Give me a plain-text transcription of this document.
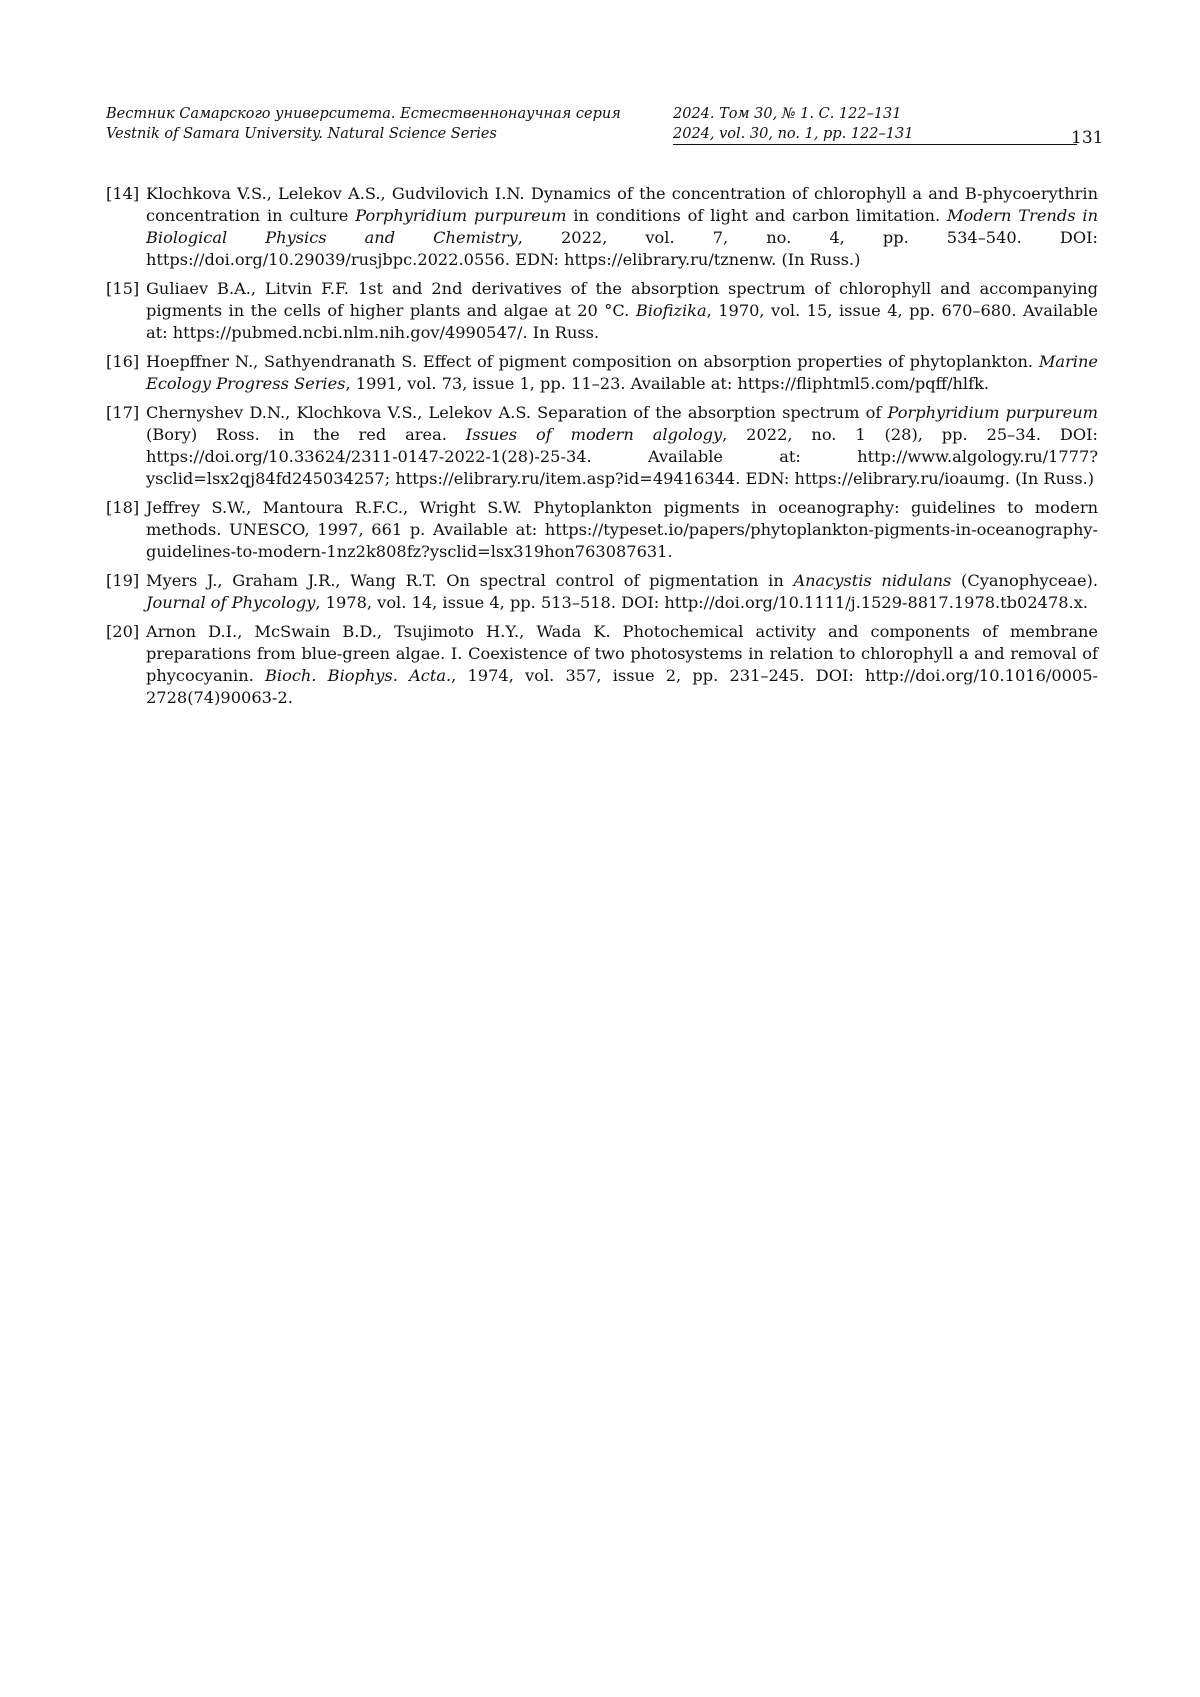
Вестник Самарского университета. Естественнонаучная серия	2024. Том 30, № 1. С. 122–131
Vestnik of Samara University. Natural Science Series	2024, vol. 30, no. 1, pp. 122–131	131
[14] Klochkova V.S., Lelekov A.S., Gudvilovich I.N. Dynamics of the concentration of chlorophyll a and B-phycoerythrin concentration in culture Porphyridium purpureum in conditions of light and carbon limitation. Modern Trends in Biological Physics and Chemistry, 2022, vol. 7, no. 4, pp. 534–540. DOI: https://doi.org/10.29039/rusjbpc.2022.0556. EDN: https://elibrary.ru/tznenw. (In Russ.)
[15] Guliaev B.A., Litvin F.F. 1st and 2nd derivatives of the absorption spectrum of chlorophyll and accompanying pigments in the cells of higher plants and algae at 20 °C. Biofizika, 1970, vol. 15, issue 4, pp. 670–680. Available at: https://pubmed.ncbi.nlm.nih.gov/4990547/. In Russ.
[16] Hoepffner N., Sathyendranath S. Effect of pigment composition on absorption properties of phytoplankton. Marine Ecology Progress Series, 1991, vol. 73, issue 1, pp. 11–23. Available at: https://fliphtml5.com/pqff/hlfk.
[17] Chernyshev D.N., Klochkova V.S., Lelekov A.S. Separation of the absorption spectrum of Porphyridium purpureum (Bory) Ross. in the red area. Issues of modern algology, 2022, no. 1 (28), pp. 25–34. DOI: https://doi.org/10.33624/2311-0147-2022-1(28)-25-34. Available at: http://www.algology.ru/1777?ysclid=lsx2qj84fd245034257; https://elibrary.ru/item.asp?id=49416344. EDN: https://elibrary.ru/ioaumg. (In Russ.)
[18] Jeffrey S.W., Mantoura R.F.C., Wright S.W. Phytoplankton pigments in oceanography: guidelines to modern methods. UNESCO, 1997, 661 p. Available at: https://typeset.io/papers/phytoplankton-pigments-in-oceanography-guidelines-to-modern-1nz2k808fz?ysclid=lsx319hon763087631.
[19] Myers J., Graham J.R., Wang R.T. On spectral control of pigmentation in Anacystis nidulans (Cyanophyceae). Journal of Phycology, 1978, vol. 14, issue 4, pp. 513–518. DOI: http://doi.org/10.1111/j.1529-8817.1978.tb02478.x.
[20] Arnon D.I., McSwain B.D., Tsujimoto H.Y., Wada K. Photochemical activity and components of membrane preparations from blue-green algae. I. Coexistence of two photosystems in relation to chlorophyll a and removal of phycocyanin. Bioch. Biophys. Acta., 1974, vol. 357, issue 2, pp. 231–245. DOI: http://doi.org/10.1016/0005-2728(74)90063-2.
